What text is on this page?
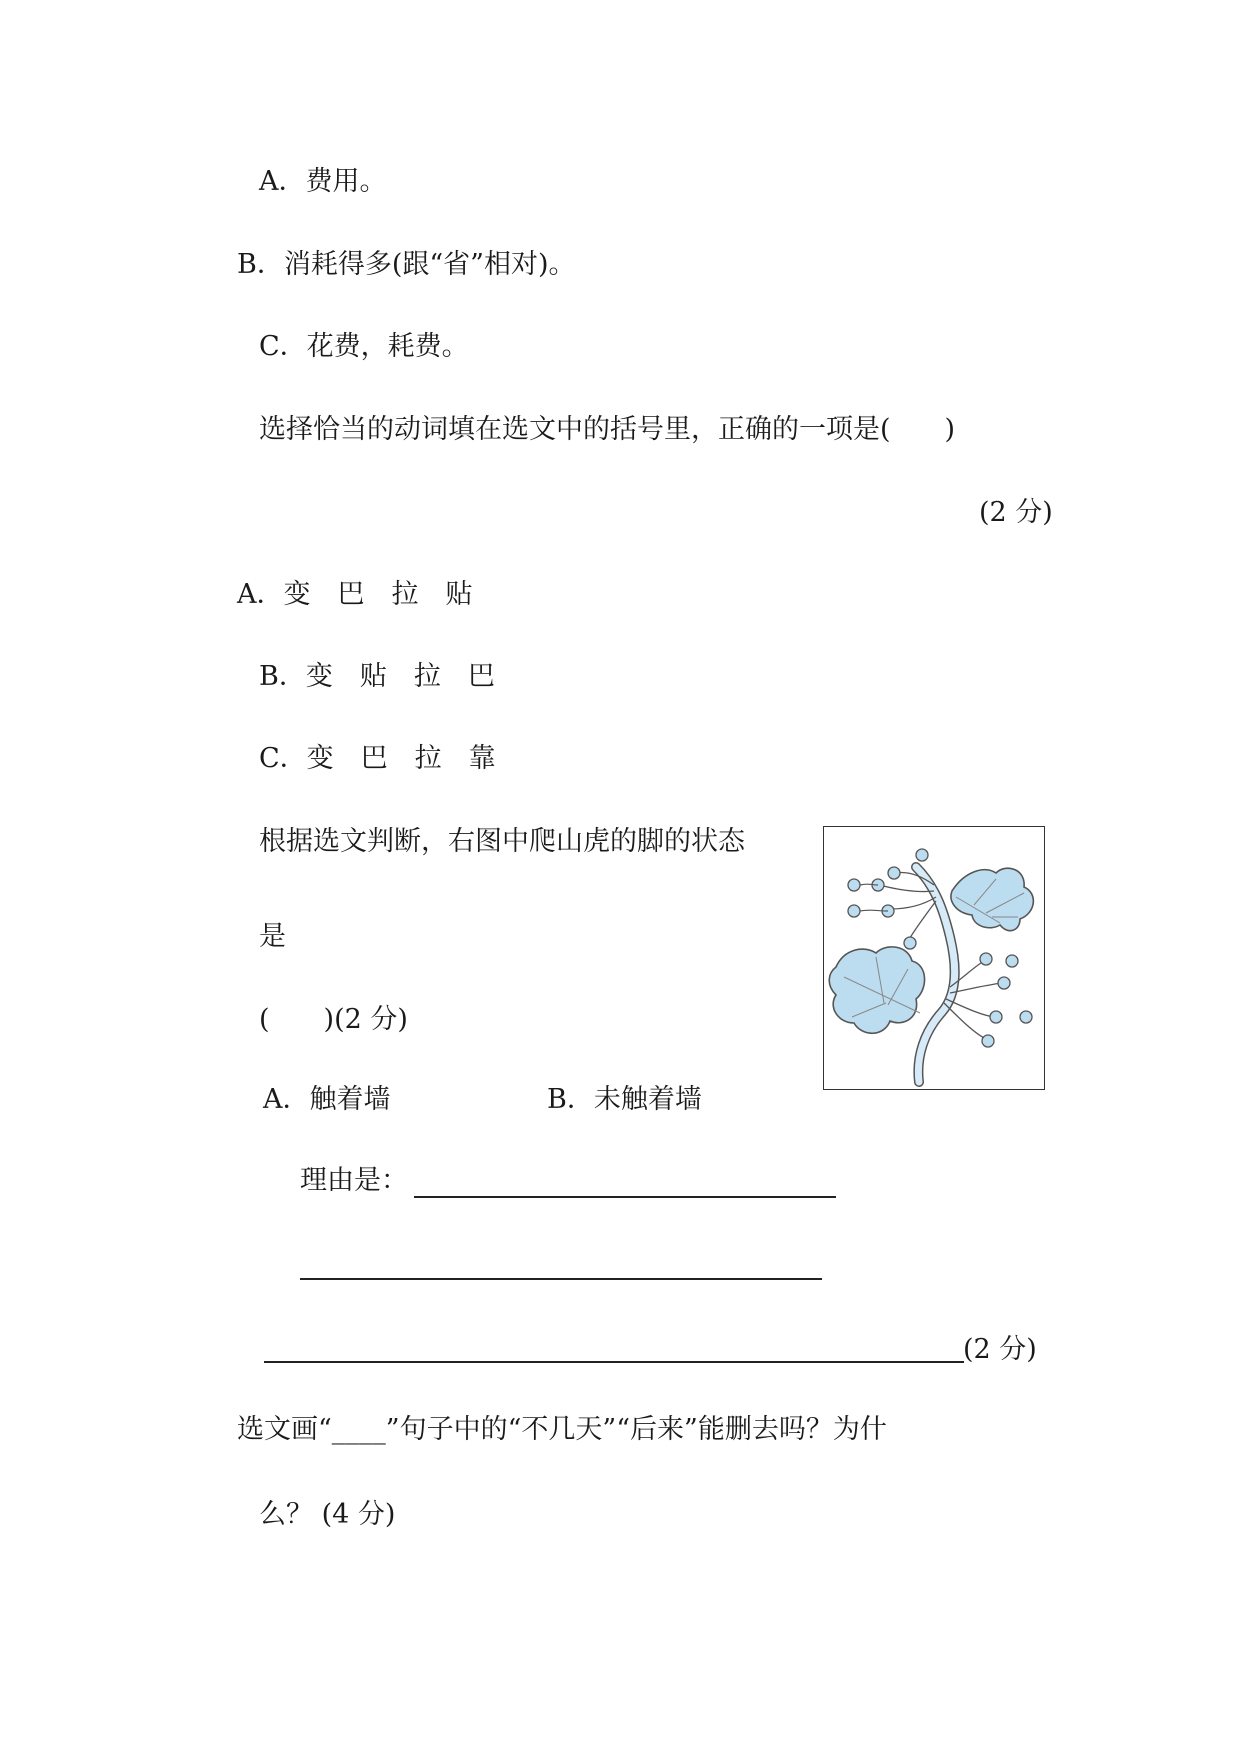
A．费用。
B．消耗得多(跟“省”相对)。
C．花费，耗费。
选择恰当的动词填在选文中的括号里，正确的一项是(　　)
(2 分)
A．变　巴　拉　贴
B．变　贴　拉　巴
C．变　巴　拉　靠
根据选文判断，右图中爬山虎的脚的状态
是
(　　)(2 分)
A．触着墙	B．未触着墙
理由是：
(2 分)
选文画“____”句子中的“不几天”“后来”能删去吗？为什
么？ (4 分)
